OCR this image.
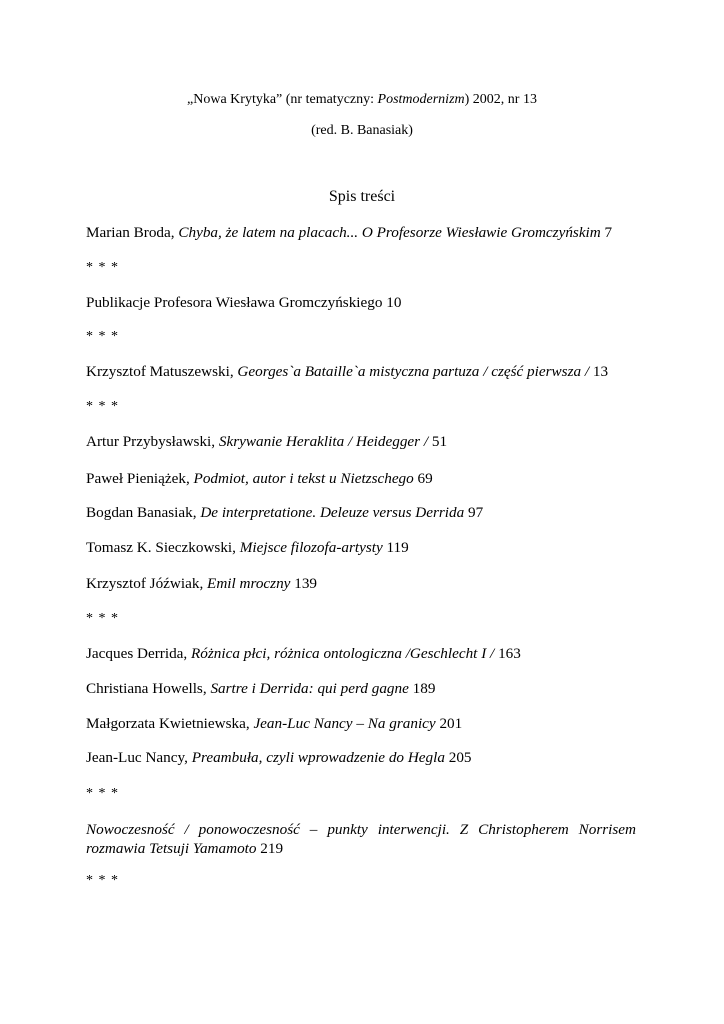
„Nowa Krytyka” (nr tematyczny: Postmodernizm) 2002, nr 13
(red. B. Banasiak)
Spis treści
Marian Broda, Chyba, że latem na placach... O Profesorze Wiesławie Gromczyńskim 7
* * *
Publikacje Profesora Wiesława Gromczyńskiego 10
* * *
Krzysztof Matuszewski, Georges`a Bataille`a mistyczna partuza / część pierwsza / 13
* * *
Artur Przybysławski, Skrywanie Heraklita / Heidegger / 51
Paweł Pieniążek, Podmiot, autor i tekst u Nietzschego 69
Bogdan Banasiak, De interpretatione. Deleuze versus Derrida 97
Tomasz K. Sieczkowski, Miejsce filozofa-artysty 119
Krzysztof Jóźwiak, Emil mroczny 139
* * *
Jacques Derrida, Różnica płci, różnica ontologiczna /Geschlecht I / 163
Christiana Howells, Sartre i Derrida: qui perd gagne 189
Małgorzata Kwietniewska, Jean-Luc Nancy – Na granicy 201
Jean-Luc Nancy, Preambuła, czyli wprowadzenie do Hegla 205
* * *
Nowoczesność / ponowoczesność – punkty interwencji. Z Christopherem Norrisem rozmawia Tetsuji Yamamoto 219
* * *
